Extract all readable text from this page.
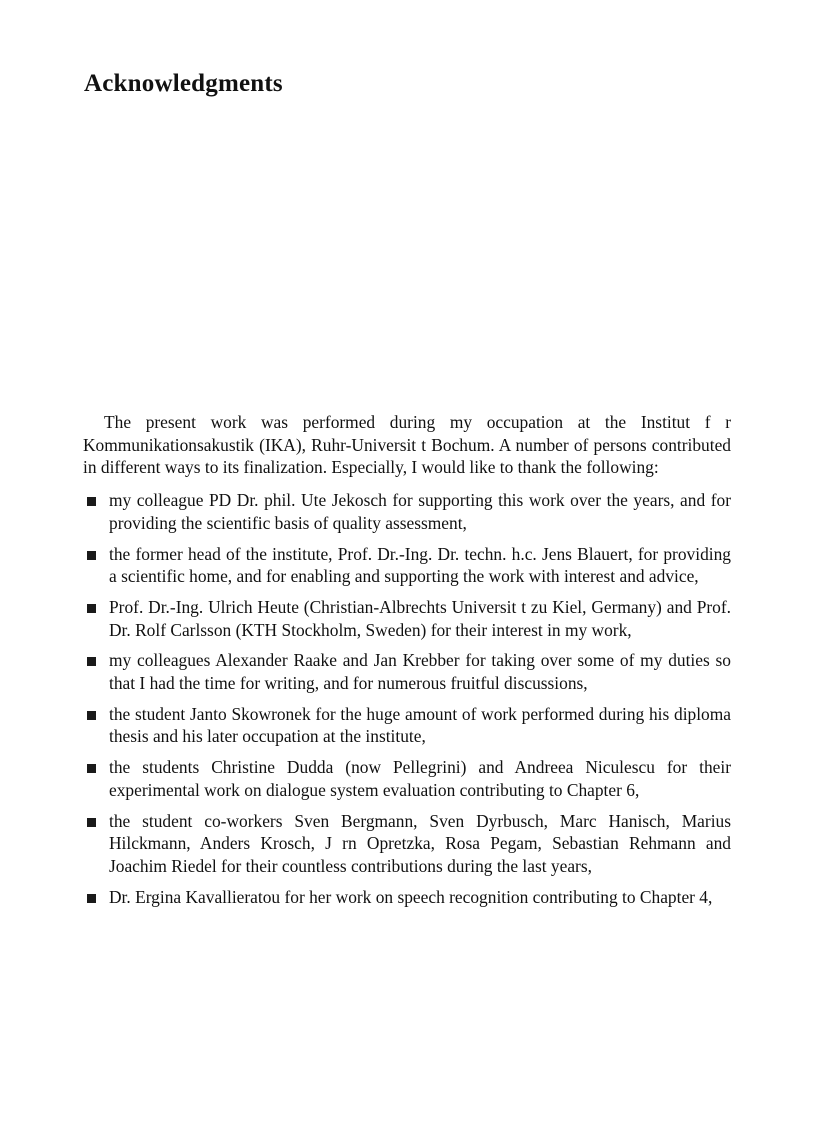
Acknowledgments

The present work was performed during my occupation at the Institut f r Kommunikationsakustik (IKA), Ruhr-Universit t Bochum. A number of persons contributed in different ways to its finalization. Especially, I would like to thank the following:

my colleague PD Dr. phil. Ute Jekosch for supporting this work over the years, and for providing the scientific basis of quality assessment,
the former head of the institute, Prof. Dr.-Ing. Dr. techn. h.c. Jens Blauert, for providing a scientific home, and for enabling and supporting the work with interest and advice,
Prof. Dr.-Ing. Ulrich Heute (Christian-Albrechts Universit t zu Kiel, Germany) and Prof. Dr. Rolf Carlsson (KTH Stockholm, Sweden) for their interest in my work,
my colleagues Alexander Raake and Jan Krebber for taking over some of my duties so that I had the time for writing, and for numerous fruitful discussions,
the student Janto Skowronek for the huge amount of work performed during his diploma thesis and his later occupation at the institute,
the students Christine Dudda (now Pellegrini) and Andreea Niculescu for their experimental work on dialogue system evaluation contributing to Chapter 6,
the student co-workers Sven Bergmann, Sven Dyrbusch, Marc Hanisch, Marius Hilckmann, Anders Krosch, J rn Opretzka, Rosa Pegam, Sebastian Rehmann and Joachim Riedel for their countless contributions during the last years,
Dr. Ergina Kavallieratou for her work on speech recognition contributing to Chapter 4,
